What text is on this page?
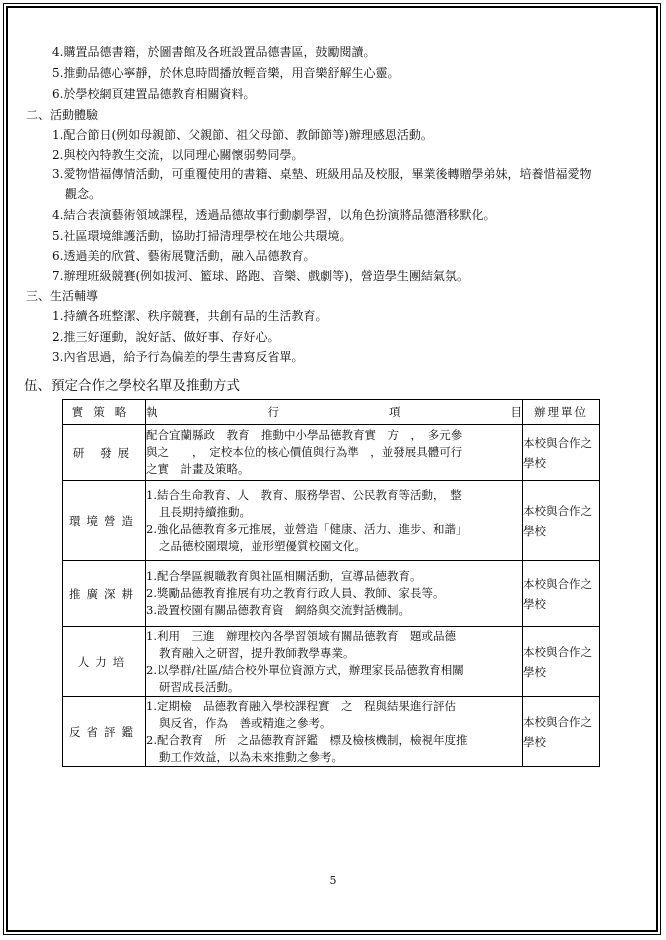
4.購置品德書籍，於圖書館及各班設置品德書區，鼓勵閱讀。
5.推動品德心寧靜，於休息時間播放輕音樂，用音樂舒解生心靈。
6.於學校網頁建置品德教育相關資料。
二、活動體驗
1.配合節日(例如母親節、父親節、祖父母節、教師節等)辦理感恩活動。
2.與校內特教生交流，以同理心關懷弱勢同學。
3.愛物惜福傳情活動，可重覆使用的書籍、桌墊、班級用品及校服，畢業後轉贈學弟妹，培養惜福愛物
觀念。
4.結合表演藝術領域課程，透過品德故事行動劇學習，以角色扮演將品德潛移默化。
5.社區環境維護活動，協助打掃清理學校在地公共環境。
6.透過美的欣賞、藝術展覽活動，融入品德教育。
7.辦理班級競賽(例如拔河、籃球、路跑、音樂、戲劇等)，營造學生團結氣氛。
三、生活輔導
1.持續各班整潔、秩序競賽，共創有品的生活教育。
2.推三好運動，說好話、做好事、存好心。
3.內省思過，給予行為偏差的學生書寫反省單。
伍、預定合作之學校名單及推動方式
實策略	執行項目	辦理單位
研 發展	配合宜蘭縣政　教育　推動中小學品德教育實　方　，　多元參
與之　　，　定校本位的核心價值與行為準　，並發展具體可行
之實　計畫及策略。	本校與合作之學校
環境營造	1.結合生命教育、人　教育、服務學習、公民教育等活動，　整
且長期持續推動。
2.強化品德教育多元推展，並營造「健康、活力、進步、和諧」
之品德校園環境，並形塑優質校園文化。	本校與合作之學校
推廣深耕	1.配合學區親職教育與社區相關活動，宣導品德教育。
2.獎勵品德教育推展有功之教育行政人員、教師、家長等。
3.設置校園有關品德教育資　網絡與交流對話機制。	本校與合作之學校
人力培	1.利用　三進　辦理校內各學習領域有關品德教育　題或品德
教育融入之研習，提升教師教學專業。
2.以學群/社區/結合校外單位資源方式，辦理家長品德教育相關
研習成長活動。	本校與合作之學校
反省評鑑	1.定期檢　品德教育融入學校課程實　之　程與結果進行評估
與反省，作為　善或精進之參考。
2.配合教育　所　之品德教育評鑑　標及檢核機制，檢視年度推
動工作效益，以為未來推動之參考。	本校與合作之學校
5
